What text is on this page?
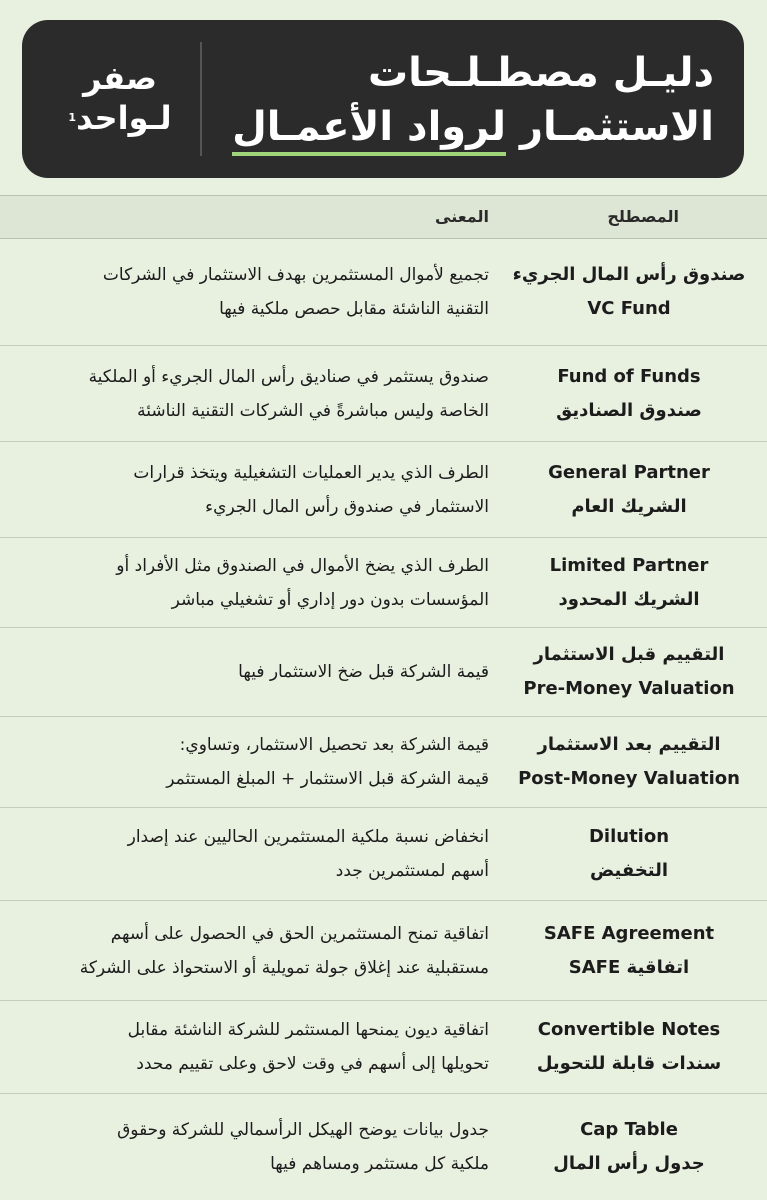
دليـل مصطـلـحات
الاستثمـار لرواد الأعمـال
صفر
لـواحد$^1$
المصطلح
المعنى
صندوق رأس المال الجريء
VC Fund
تجميع لأموال المستثمرين بهدف الاستثمار في الشركات
التقنية الناشئة مقابل حصص ملكية فيها
Fund of Funds
صندوق الصناديق
صندوق يستثمر في صناديق رأس المال الجريء أو الملكية
الخاصة وليس مباشرةً في الشركات التقنية الناشئة
General Partner
الشريك العام
الطرف الذي يدير العمليات التشغيلية ويتخذ قرارات
الاستثمار في صندوق رأس المال الجريء
Limited Partner
الشريك المحدود
الطرف الذي يضخ الأموال في الصندوق مثل الأفراد أو
المؤسسات بدون دور إداري أو تشغيلي مباشر
التقييم قبل الاستثمار
Pre-Money Valuation
قيمة الشركة قبل ضخ الاستثمار فيها
التقييم بعد الاستثمار
Post-Money Valuation
قيمة الشركة بعد تحصيل الاستثمار، وتساوي:
قيمة الشركة قبل الاستثمار + المبلغ المستثمر
Dilution
التخفيض
انخفاض نسبة ملكية المستثمرين الحاليين عند إصدار
أسهم لمستثمرين جدد
SAFE Agreement
اتفاقية SAFE
اتفاقية تمنح المستثمرين الحق في الحصول على أسهم
مستقبلية عند إغلاق جولة تمويلية أو الاستحواذ على الشركة
Convertible Notes
سندات قابلة للتحويل
اتفاقية ديون يمنحها المستثمر للشركة الناشئة مقابل
تحويلها إلى أسهم في وقت لاحق وعلى تقييم محدد
Cap Table
جدول رأس المال
جدول بيانات يوضح الهيكل الرأسمالي للشركة وحقوق
ملكية كل مستثمر ومساهم فيها
